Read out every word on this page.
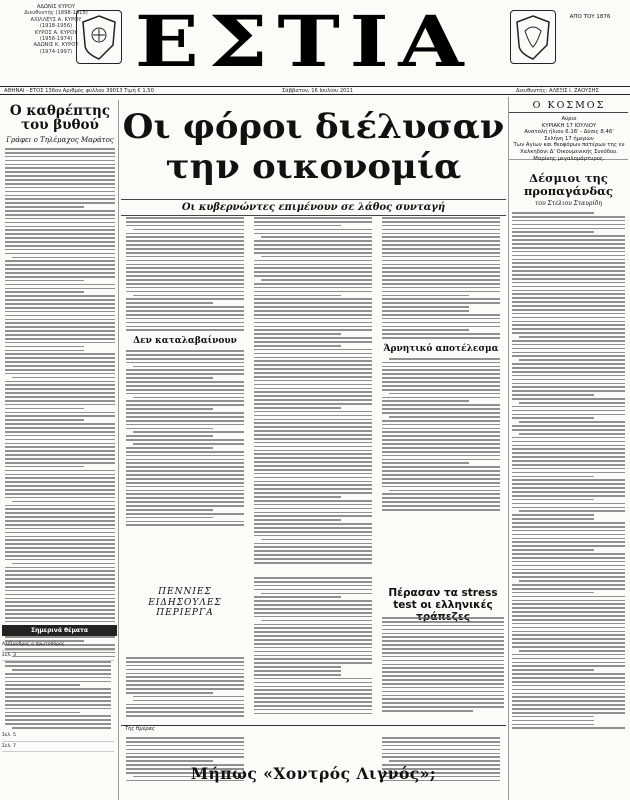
ΑΔΩΝΙΣ ΚΥΡΟΥ
Διευθυντής (1898-1918)
ΑΧΙΛΛΕΥΣ Α. ΚΥΡΟΥ
(1918-1956)
ΚΥΡΟΣ Α. ΚΥΡΟΥ
(1956-1974)
ΑΔΩΝΙΣ Κ. ΚΥΡΟΥ
(1974-1997) ΕΣΤΙΑ	ΑΠΟ ΤΟΥ 1876
ΑΘΗΝΑΙ - ΕΤΟΣ 136ον Αριθμός φύλλου 39013 Τιμή € 1,50	Σάββατον, 16 Ιουλίου 2011	Διευθυντής: ΑΛΕΞΙΣ Ι. ΖΑΟΥΣΗΣ
Ο καθρέπτης του βυθού
Γράφει ο Τηλέμαχος Μαράτος
Σημερινά θέματα
Αλέξανδρος ο πρωτοπόρος
Σελ. 3
Σελ. 5
Σελ. 7
Οι φόροι διέλυσαν
την οικονομία
Οι κυβερνώντες επιμένουν σε λάθος συνταγή
Δεν καταλαβαίνουν
Άρνητικό αποτέλεσμα
ΠΕΝΝΙΕΣ
ΕΙΔΗΣΟΥΛΕΣ
ΠΕΡΙΕΡΓΑ
Πέρασαν τα stress test οι ελληνικές
Της Ημέρας
Μήπως «Χοντρός Λιγνός»;
Ο ΚΟΣΜΟΣ
Αύριο
ΚΥΡΙΑΚΗ 17 ΙΟΥΛΙΟΥ
Ανατολή ήλιου 6.16' - Δύσις 8.46'
Σελήνη 17 ήμερών
Των Αγίων και θεοφόρων πατέρων της εν Χαλκηδόνι Δ' Οικουμενικής Συνόδου. Μαρίνης μεγαλομάρτυρος.
Δέσμιοι της προπαγάνδας
του Στέλιου Σταυρίδη
